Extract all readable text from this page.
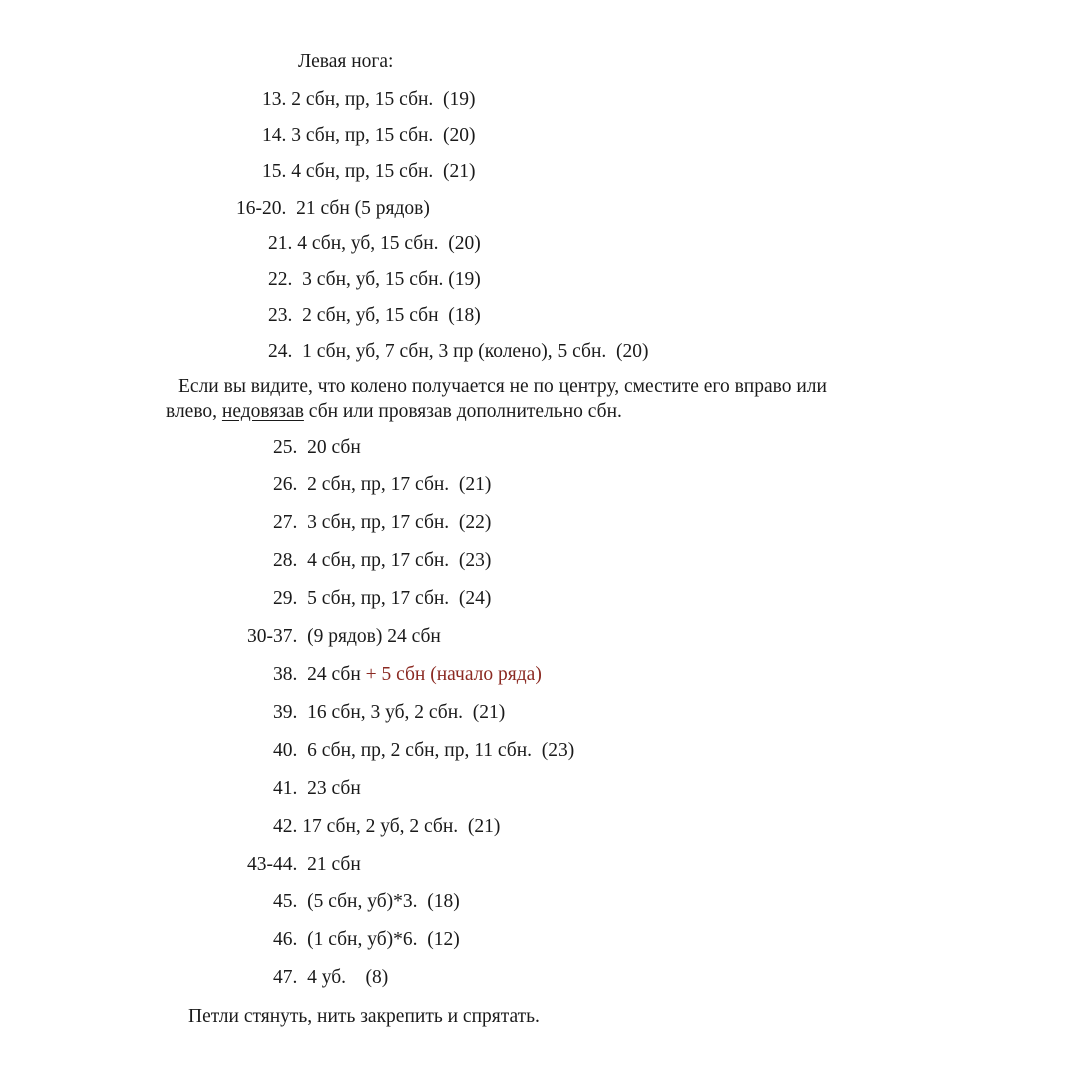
Левая нога:
13. 2 сбн, пр, 15 сбн.  (19)
14. 3 сбн, пр, 15 сбн.  (20)
15. 4 сбн, пр, 15 сбн.  (21)
16-20.  21 сбн (5 рядов)
21. 4 сбн, уб, 15 сбн.  (20)
22.  3 сбн, уб, 15 сбн. (19)
23.  2 сбн, уб, 15 сбн  (18)
24.  1 сбн, уб, 7 сбн, 3 пр (колено), 5 сбн.  (20)
Если вы видите, что колено получается не по центру, сместите его вправо или
влево, недовязав сбн или провязав дополнительно сбн.
25.  20 сбн
26.  2 сбн, пр, 17 сбн.  (21)
27.  3 сбн, пр, 17 сбн.  (22)
28.  4 сбн, пр, 17 сбн.  (23)
29.  5 сбн, пр, 17 сбн.  (24)
30-37.  (9 рядов) 24 сбн
38.  24 сбн + 5 сбн (начало ряда)
39.  16 сбн, 3 уб, 2 сбн.  (21)
40.  6 сбн, пр, 2 сбн, пр, 11 сбн.  (23)
41.  23 сбн
42. 17 сбн, 2 уб, 2 сбн.  (21)
43-44.  21 сбн
45.  (5 сбн, уб)*3.  (18)
46.  (1 сбн, уб)*6.  (12)
47.  4 уб.    (8)
Петли стянуть, нить закрепить и спрятать.
